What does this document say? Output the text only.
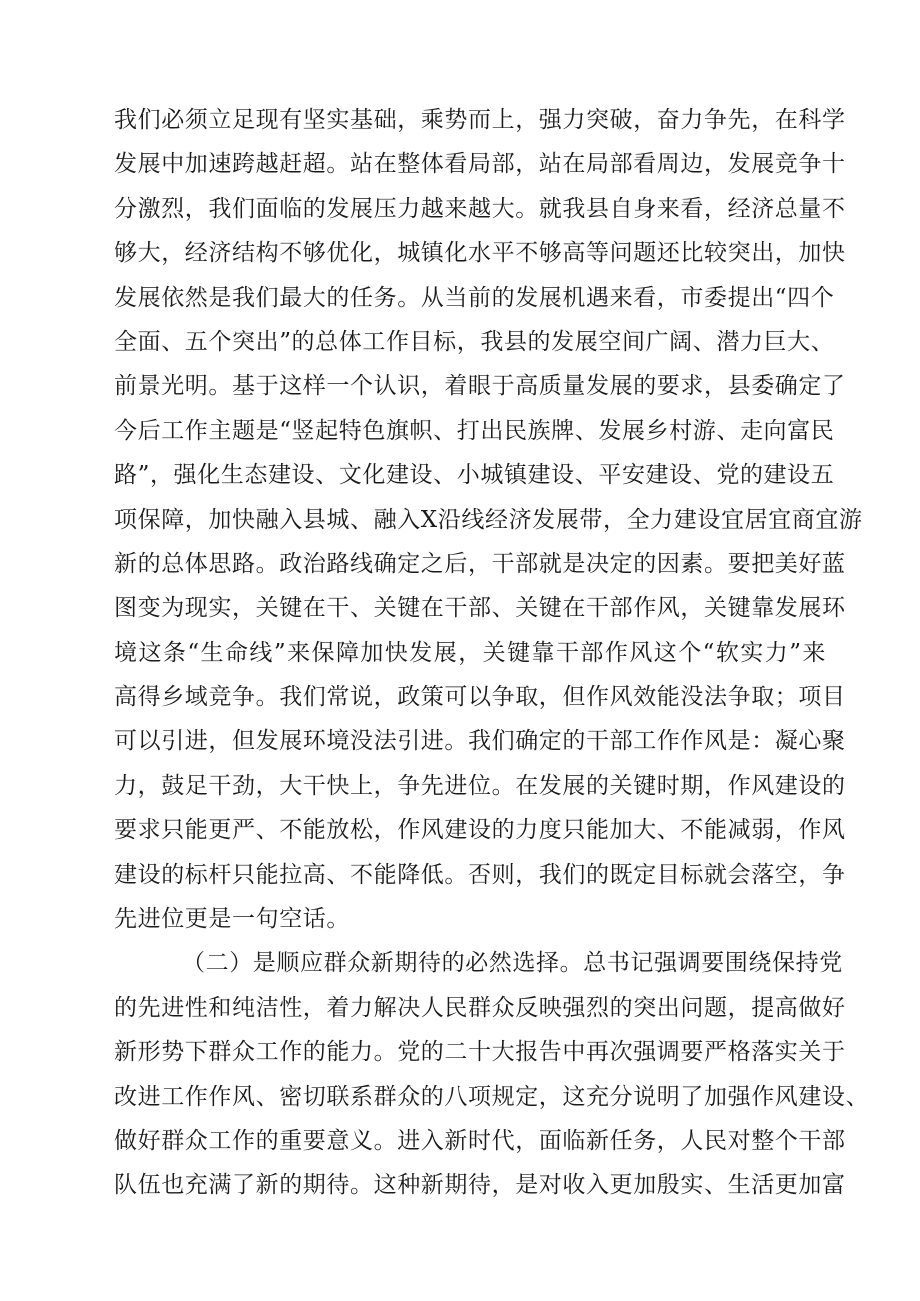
我们必须立足现有坚实基础，乘势而上，强力突破，奋力争先，在科学
发展中加速跨越赶超。站在整体看局部，站在局部看周边，发展竞争十
分激烈，我们面临的发展压力越来越大。就我县自身来看，经济总量不
够大，经济结构不够优化，城镇化水平不够高等问题还比较突出，加快
发展依然是我们最大的任务。从当前的发展机遇来看，市委提出“四个
全面、五个突出”的总体工作目标，我县的发展空间广阔、潜力巨大、
前景光明。基于这样一个认识，着眼于高质量发展的要求，县委确定了
今后工作主题是“竖起特色旗帜、打出民族牌、发展乡村游、走向富民
路”，强化生态建设、文化建设、小城镇建设、平安建设、党的建设五
项保障，加快融入县城、融入X沿线经济发展带，全力建设宜居宜商宜游
新的总体思路。政治路线确定之后，干部就是决定的因素。要把美好蓝
图变为现实，关键在干、关键在干部、关键在干部作风，关键靠发展环
境这条“生命线”来保障加快发展，关键靠干部作风这个“软实力”来
高得乡域竞争。我们常说，政策可以争取，但作风效能没法争取；项目
可以引进，但发展环境没法引进。我们确定的干部工作作风是：凝心聚
力，鼓足干劲，大干快上，争先进位。在发展的关键时期，作风建设的
要求只能更严、不能放松，作风建设的力度只能加大、不能减弱，作风
建设的标杆只能拉高、不能降低。否则，我们的既定目标就会落空，争
先进位更是一句空话。
（二）是顺应群众新期待的必然选择。总书记强调要围绕保持党
的先进性和纯洁性，着力解决人民群众反映强烈的突出问题，提高做好
新形势下群众工作的能力。党的二十大报告中再次强调要严格落实关于
改进工作作风、密切联系群众的八项规定，这充分说明了加强作风建设、
做好群众工作的重要意义。进入新时代，面临新任务，人民对整个干部
队伍也充满了新的期待。这种新期待，是对收入更加殷实、生活更加富
